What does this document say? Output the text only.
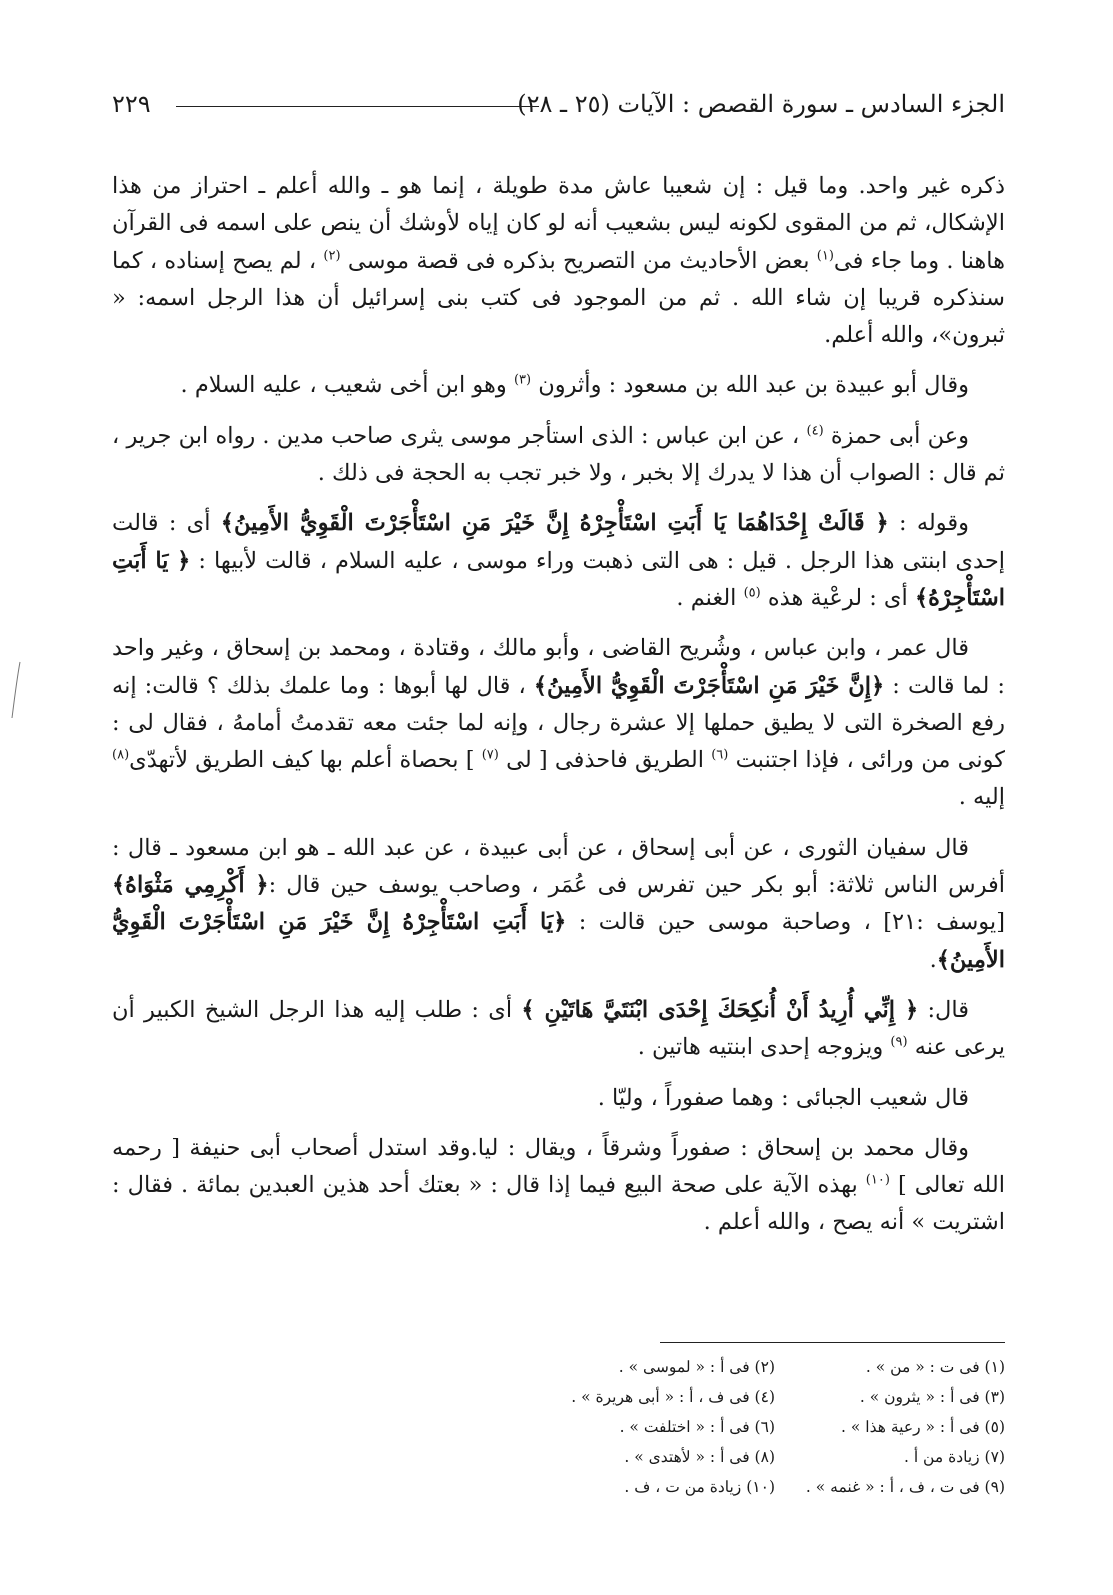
الجزء السادس ـ سورة القصص : الآيات (٢٥ ـ ٢٨)
٢٢٩

ذكره غير واحد. وما قيل : إن شعيبا عاش مدة طويلة ، إنما هو ـ والله أعلم ـ احتراز من هذا الإشكال، ثم من المقوى لكونه ليس بشعيب أنه لو كان إياه لأوشك أن ينص على اسمه فى القرآن هاهنا . وما جاء فى$^{(١)}$ بعض الأحاديث من التصريح بذكره فى قصة موسى $^{(٢)}$ ، لم يصح إسناده ، كما سنذكره قريبا إن شاء الله . ثم من الموجود فى كتب بنى إسرائيل أن هذا الرجل اسمه: « ثبرون»، والله أعلم.

وقال أبو عبيدة بن عبد الله بن مسعود : وأثرون $^{(٣)}$ وهو ابن أخى شعيب ، عليه السلام .

وعن أبى حمزة $^{(٤)}$ ، عن ابن عباس : الذى استأجر موسى يثرى صاحب مدين . رواه ابن جرير ، ثم قال : الصواب أن هذا لا يدرك إلا بخبر ، ولا خبر تجب به الحجة فى ذلك .

وقوله : ﴿ قَالَتْ إِحْدَاهُمَا يَا أَبَتِ اسْتَأْجِرْهُ إِنَّ خَيْرَ مَنِ اسْتَأْجَرْتَ الْقَوِيُّ الأَمِينُ﴾ أى : قالت إحدى ابنتى هذا الرجل . قيل : هى التى ذهبت وراء موسى ، عليه السلام ، قالت لأبيها : ﴿ يَا أَبَتِ اسْتَأْجِرْهُ﴾ أى : لرعْية هذه $^{(٥)}$ الغنم .

قال عمر ، وابن عباس ، وشُريح القاضى ، وأبو مالك ، وقتادة ، ومحمد بن إسحاق ، وغير واحد : لما قالت : ﴿إِنَّ خَيْرَ مَنِ اسْتَأْجَرْتَ الْقَوِيُّ الأَمِينُ﴾ ، قال لها أبوها : وما علمك بذلك ؟ قالت: إنه رفع الصخرة التى لا يطيق حملها إلا عشرة رجال ، وإنه لما جئت معه تقدمتُ أمامهُ ، فقال لى : كونى من ورائى ، فإذا اجتنبت $^{(٦)}$ الطريق فاحذفى [ لى $^{(٧)}$ ] بحصاة أعلم بها كيف الطريق لأتهدّى$^{(٨)}$ إليه .

قال سفيان الثورى ، عن أبى إسحاق ، عن أبى عبيدة ، عن عبد الله ـ هو ابن مسعود ـ قال : أفرس الناس ثلاثة: أبو بكر حين تفرس فى عُمَر ، وصاحب يوسف حين قال :﴿ أَكْرِمِي مَثْوَاهُ﴾ [يوسف :٢١] ، وصاحبة موسى حين قالت : ﴿يَا أَبَتِ اسْتَأْجِرْهُ إِنَّ خَيْرَ مَنِ اسْتَأْجَرْتَ الْقَوِيُّ الأَمِينُ﴾.

قال: ﴿ إِنِّي أُرِيدُ أَنْ أُنكِحَكَ إِحْدَى ابْنَتَيَّ هَاتَيْنِ ﴾ أى : طلب إليه هذا الرجل الشيخ الكبير أن يرعى عنه $^{(٩)}$ ويزوجه إحدى ابنتيه هاتين .

قال شعيب الجبائى : وهما صفوراً ، وليّا .

وقال محمد بن إسحاق : صفوراً وشرقاً ، ويقال : ليا.وقد استدل أصحاب أبى حنيفة [ رحمه الله تعالى ] $^{(١٠)}$ بهذه الآية على صحة البيع فيما إذا قال : « بعتك أحد هذين العبدين بمائة . فقال : اشتريت » أنه يصح ، والله أعلم .

(١) فى ت : « من » .
(٢) فى أ : « لموسى » .
(٣) فى أ : « يثرون » .
(٤) فى ف ، أ : « أبى هريرة » .
(٥) فى أ : « رعية هذا » .
(٦) فى أ : « اختلفت » .
(٧) زيادة من أ .
(٨) فى أ : « لأهتدى » .
(٩) فى ت ، ف ، أ : « غنمه » .
(١٠) زيادة من ت ، ف .
